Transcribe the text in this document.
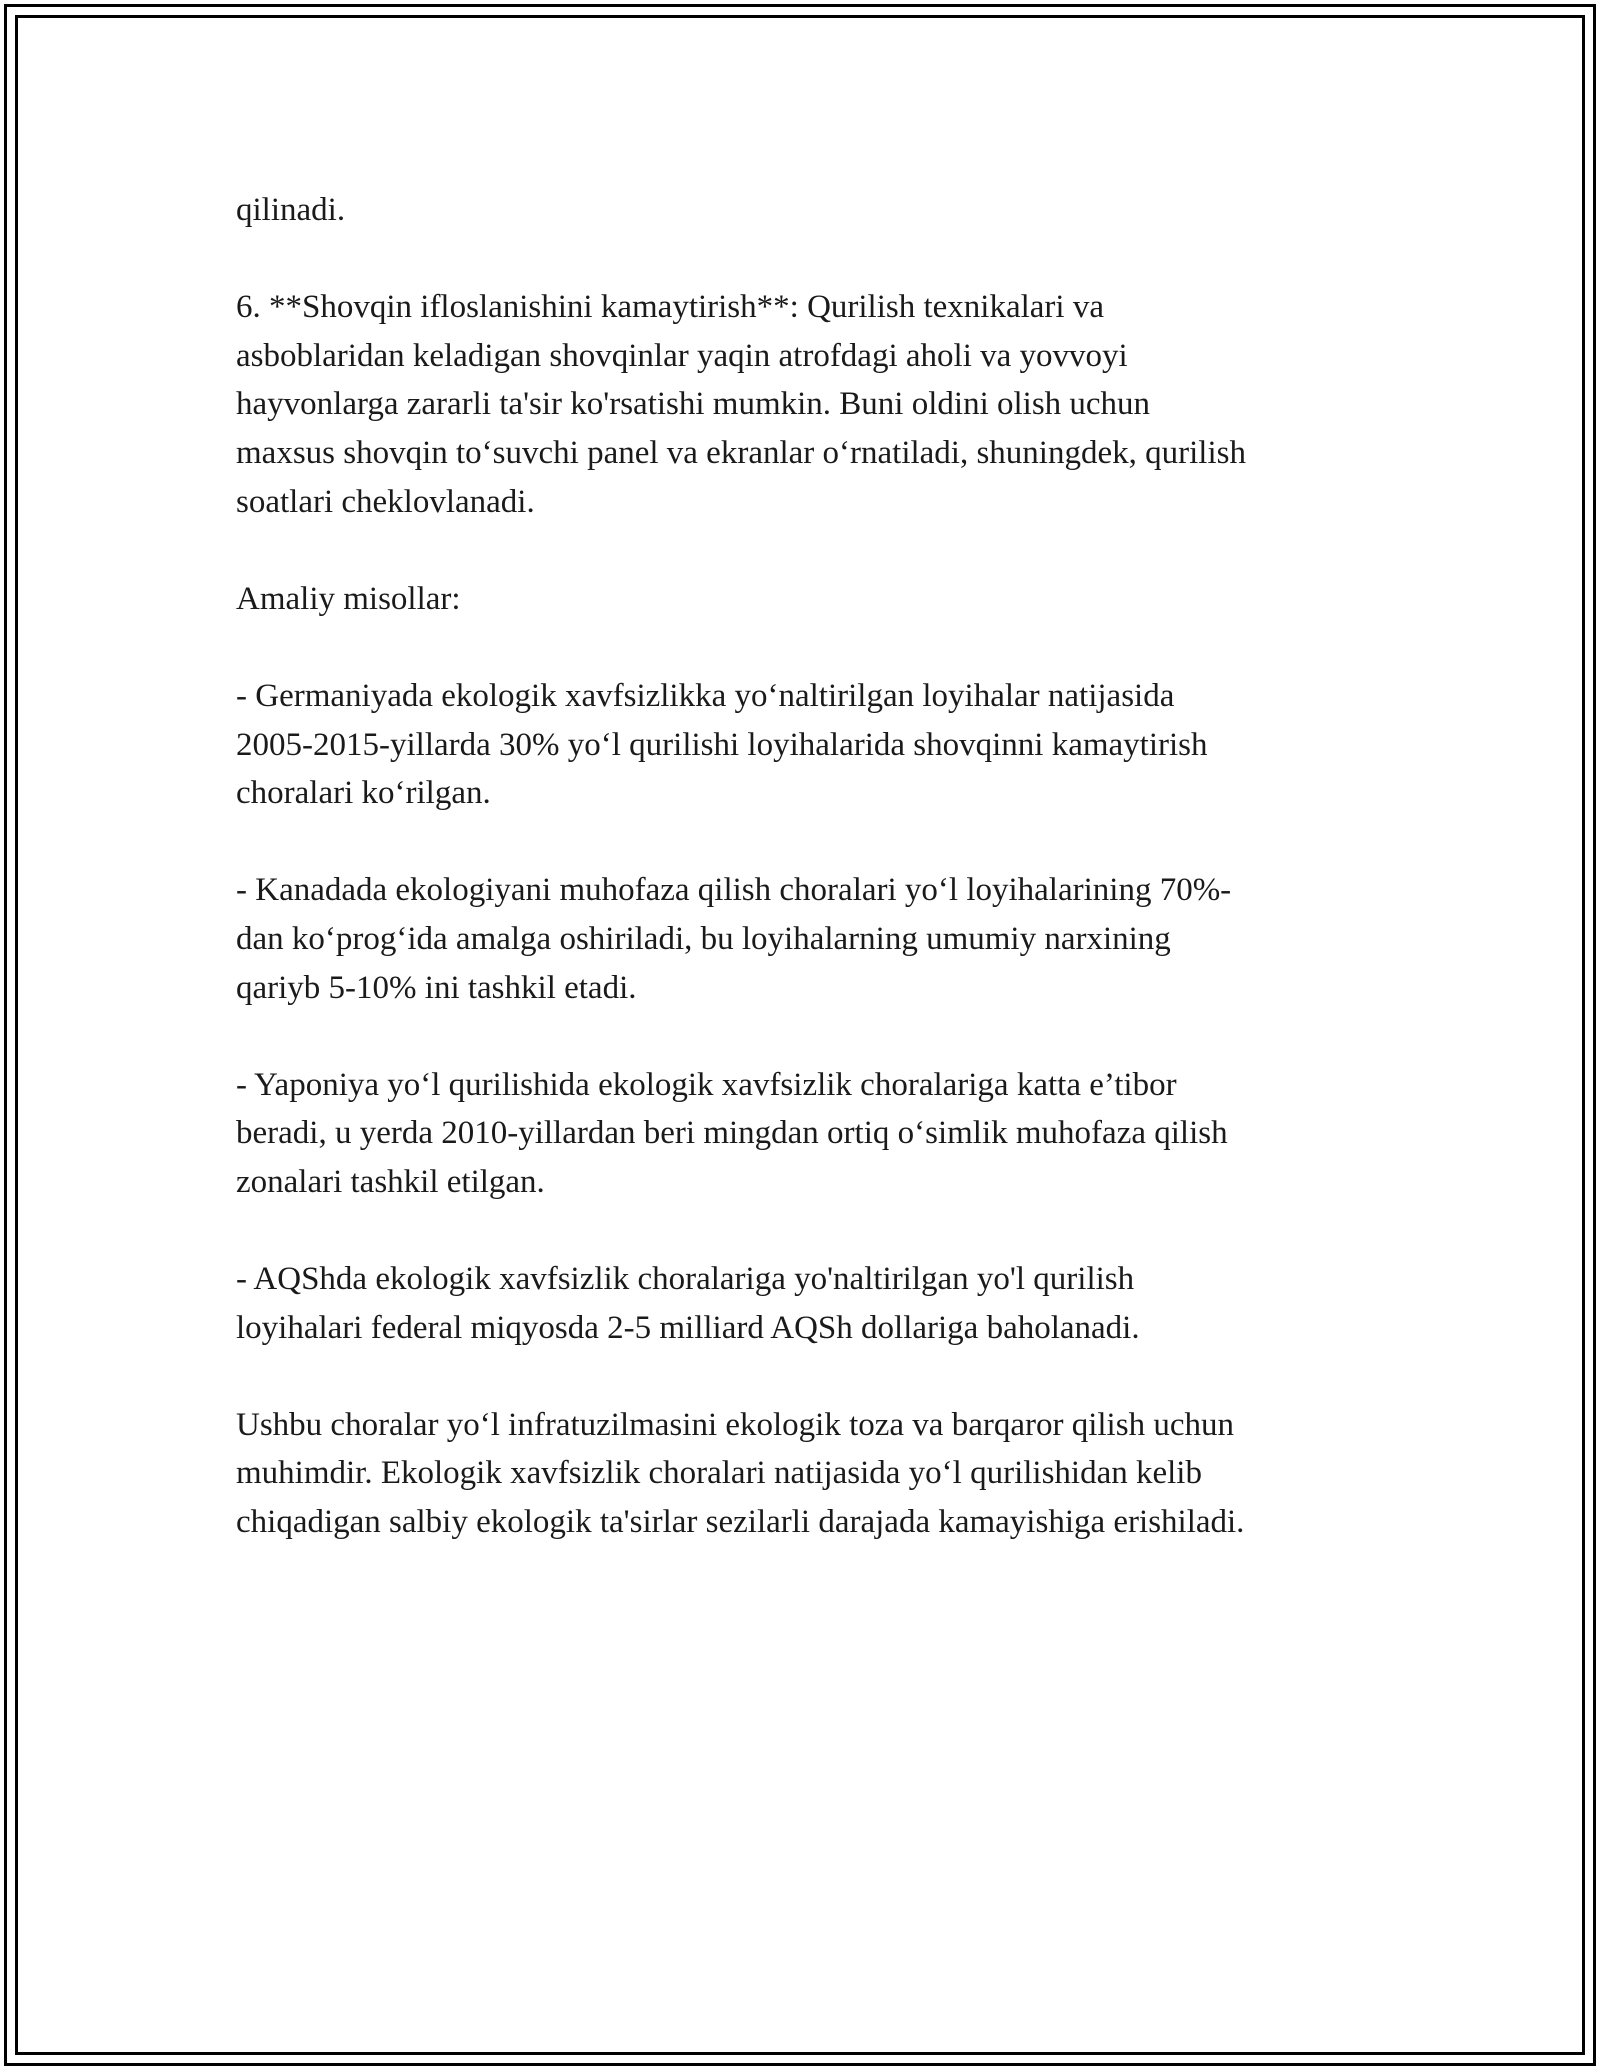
qilinadi.

6. **Shovqin ifloslanishini kamaytirish**: Qurilish texnikalari va
asboblaridan keladigan shovqinlar yaqin atrofdagi aholi va yovvoyi
hayvonlarga zararli ta'sir ko'rsatishi mumkin. Buni oldini olish uchun
maxsus shovqin to‘suvchi panel va ekranlar o‘rnatiladi, shuningdek, qurilish
soatlari cheklovlanadi.

Amaliy misollar:

- Germaniyada ekologik xavfsizlikka yo‘naltirilgan loyihalar natijasida
2005-2015-yillarda 30% yo‘l qurilishi loyihalarida shovqinni kamaytirish
choralari ko‘rilgan.

- Kanadada ekologiyani muhofaza qilish choralari yo‘l loyihalarining 70%-
dan ko‘prog‘ida amalga oshiriladi, bu loyihalarning umumiy narxining
qariyb 5-10% ini tashkil etadi.

- Yaponiya yo‘l qurilishida ekologik xavfsizlik choralariga katta e’tibor
beradi, u yerda 2010-yillardan beri mingdan ortiq o‘simlik muhofaza qilish
zonalari tashkil etilgan.

- AQShda ekologik xavfsizlik choralariga yo'naltirilgan yo'l qurilish
loyihalari federal miqyosda 2-5 milliard AQSh dollariga baholanadi.

Ushbu choralar yo‘l infratuzilmasini ekologik toza va barqaror qilish uchun
muhimdir. Ekologik xavfsizlik choralari natijasida yo‘l qurilishidan kelib
chiqadigan salbiy ekologik ta'sirlar sezilarli darajada kamayishiga erishiladi.
